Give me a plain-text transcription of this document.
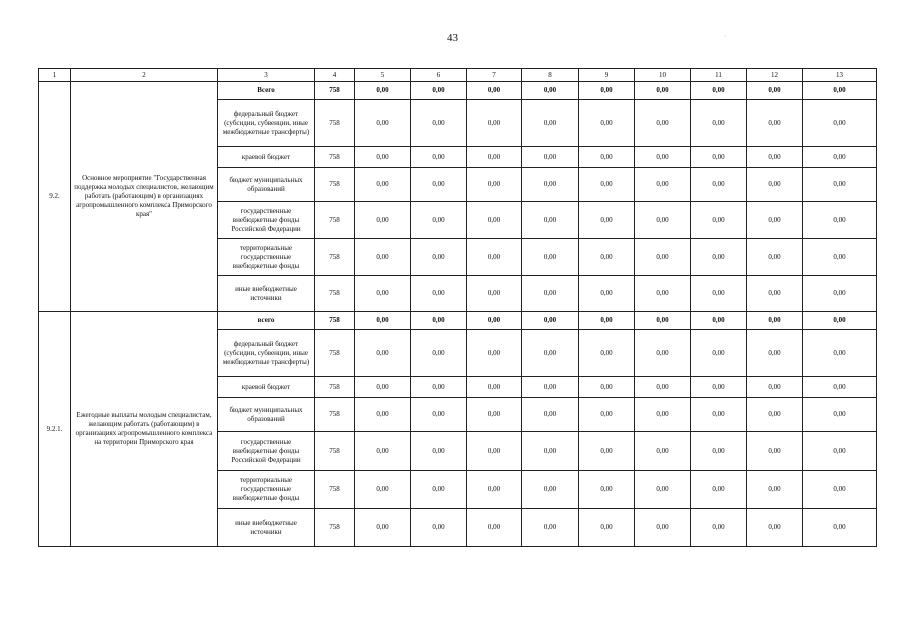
43	·
1	2	3	4	5	6	7	8	9	10	11	12	13
9.2.	Основное мероприятие "Государственная поддержка молодых специалистов, желающим работать (работающим) в организациях агропромышленного комплекса Приморского края"	Всего	758	0,00	0,00	0,00	0,00	0,00	0,00	0,00	0,00	0,00
		федеральный бюджет (субсидии, субвенции, иные межбюджетные трансферты)	758	0,00	0,00	0,00	0,00	0,00	0,00	0,00	0,00	0,00
		краевой бюджет	758	0,00	0,00	0,00	0,00	0,00	0,00	0,00	0,00	0,00
		бюджет муниципальных образований	758	0,00	0,00	0,00	0,00	0,00	0,00	0,00	0,00	0,00
		государственные внебюджетные фонды Российской Федерации	758	0,00	0,00	0,00	0,00	0,00	0,00	0,00	0,00	0,00
		территориальные государственные внебюджетные фонды	758	0,00	0,00	0,00	0,00	0,00	0,00	0,00	0,00	0,00
		иные внебюджетные источники	758	0,00	0,00	0,00	0,00	0,00	0,00	0,00	0,00	0,00
9.2.1.	Ежегодные выплаты молодым специалистам, желающим работать (работающим) в организациях агропромышленного комплекса на территории Приморского края	всего	758	0,00	0,00	0,00	0,00	0,00	0,00	0,00	0,00	0,00
		федеральный бюджет (субсидии, субвенции, иные межбюджетные трансферты)	758	0,00	0,00	0,00	0,00	0,00	0,00	0,00	0,00	0,00
		краевой бюджет	758	0,00	0,00	0,00	0,00	0,00	0,00	0,00	0,00	0,00
		бюджет муниципальных образований	758	0,00	0,00	0,00	0,00	0,00	0,00	0,00	0,00	0,00
		государственные внебюджетные фонды Российской Федерации	758	0,00	0,00	0,00	0,00	0,00	0,00	0,00	0,00	0,00
		территориальные государственные внебюджетные фонды	758	0,00	0,00	0,00	0,00	0,00	0,00	0,00	0,00	0,00
		иные внебюджетные источники	758	0,00	0,00	0,00	0,00	0,00	0,00	0,00	0,00	0,00
